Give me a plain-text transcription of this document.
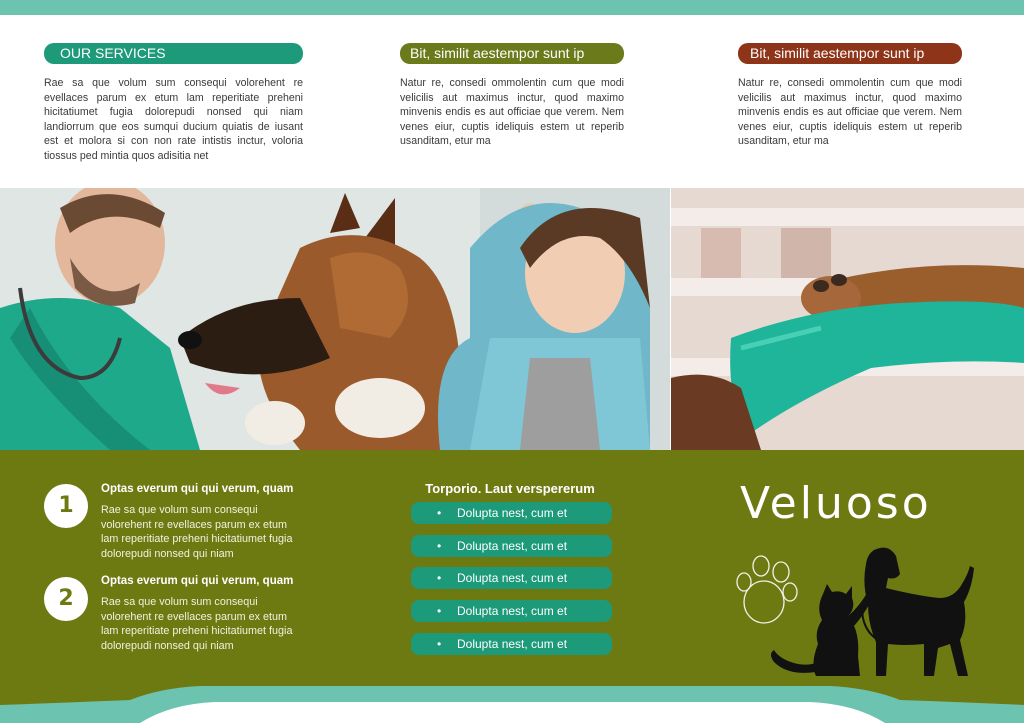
OUR SERVICES

Rae sa que volum sum consequi volorehent re evellaces parum ex etum lam reperitiate preheni hicitatiumet fugia dolorepudi nonsed qui niam landiorrum que eos sumqui ducium quiatis de iusant est et molora si con non rate intistis inctur, voloria tiossus ped mintia quos adisitia net

Bit, similit aestempor sunt ip

Natur re, consedi ommolentin cum que modi velicilis aut maximus inctur, quod maximo minvenis endis es aut officiae que verem. Nem venes eiur, cuptis ideliquis estem ut reperib usanditam, etur ma

Bit, similit aestempor sunt ip

Natur re, consedi ommolentin cum que modi velicilis aut maximus inctur, quod maximo minvenis endis es aut officiae que verem. Nem venes eiur, cuptis ideliquis estem ut reperib usanditam, etur ma

1
Optas everum qui qui verum, quam
Rae sa que volum sum consequi volorehent re evellaces parum ex etum lam reperitiate preheni hicitatiumet fugia dolorepudi nonsed qui niam
2
Optas everum qui qui verum, quam
Rae sa que volum sum consequi volorehent re evellaces parum ex etum lam reperitiate preheni hicitatiumet fugia dolorepudi nonsed qui niam
Torporio. Laut verspererum
• Dolupta nest, cum et
• Dolupta nest, cum et
• Dolupta nest, cum et
• Dolupta nest, cum et
• Dolupta nest, cum et
Veluoso
